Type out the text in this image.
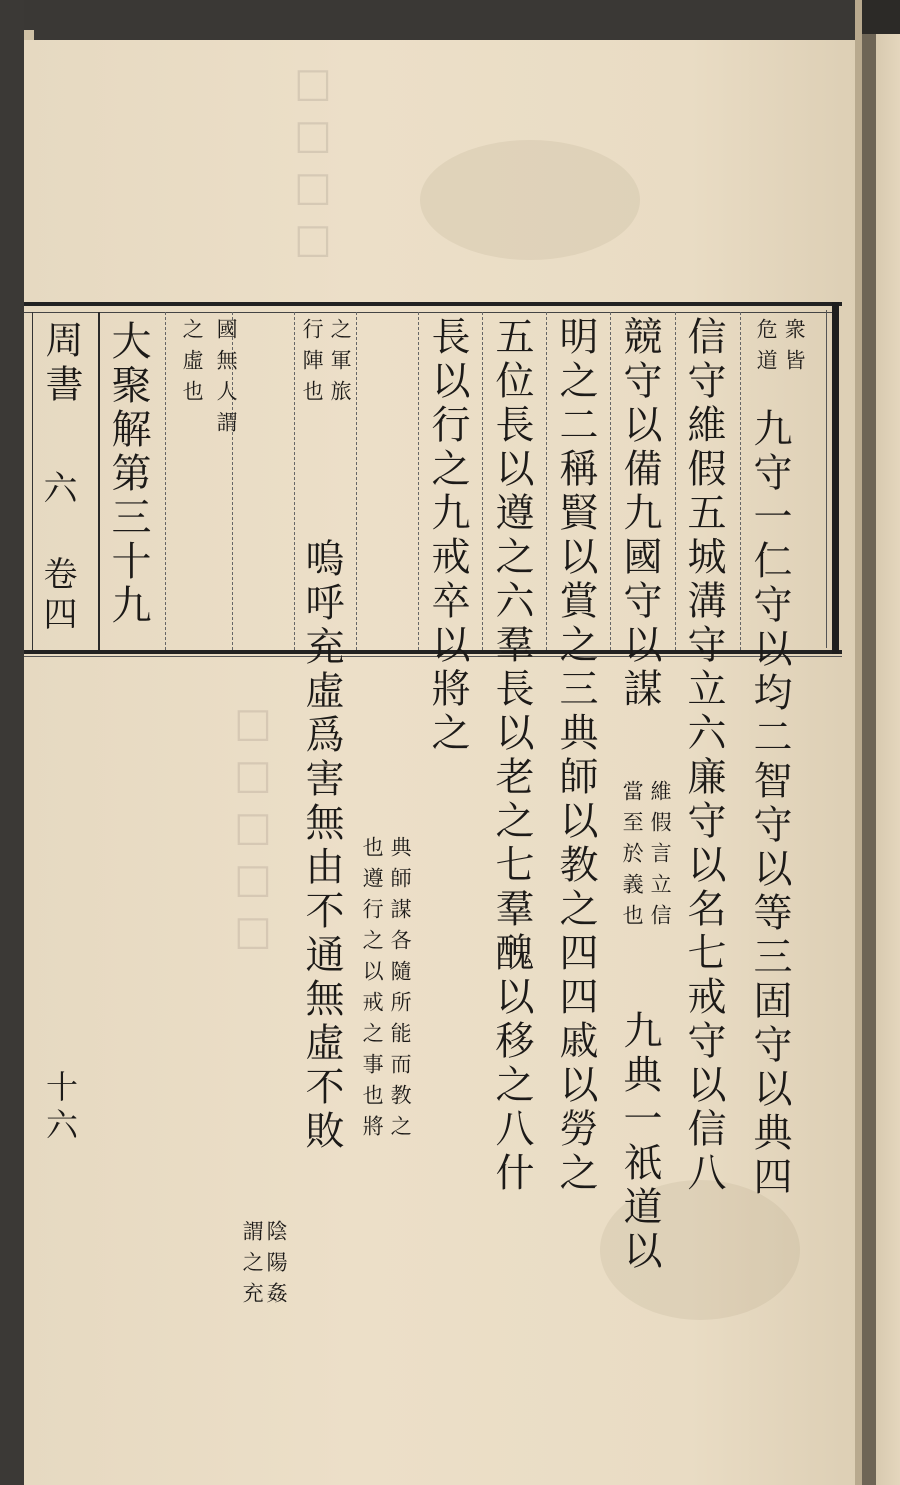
□□□□
□□□□□
周書
六 卷四
十六
衆皆
危道
九守一仁守以均二智守以等三固守以典四
信守維假五城溝守立六廉守以名七戒守以信八
競守以備九國守以謀
維假言立信
當至於義也
九典一祇道以
明之二稱賢以賞之三典師以教之四四戚以勞之
五位長以遵之六羣長以老之七羣醜以移之八什
長以行之九戒卒以將之
典師謀各隨所能而教之
也遵行之以戒之事也將
之軍旅
行陣也
嗚呼充虛爲害無由不通無虛不敗
陰陽姦
謂之充
國無人謂
之虛也
大聚解第三十九
